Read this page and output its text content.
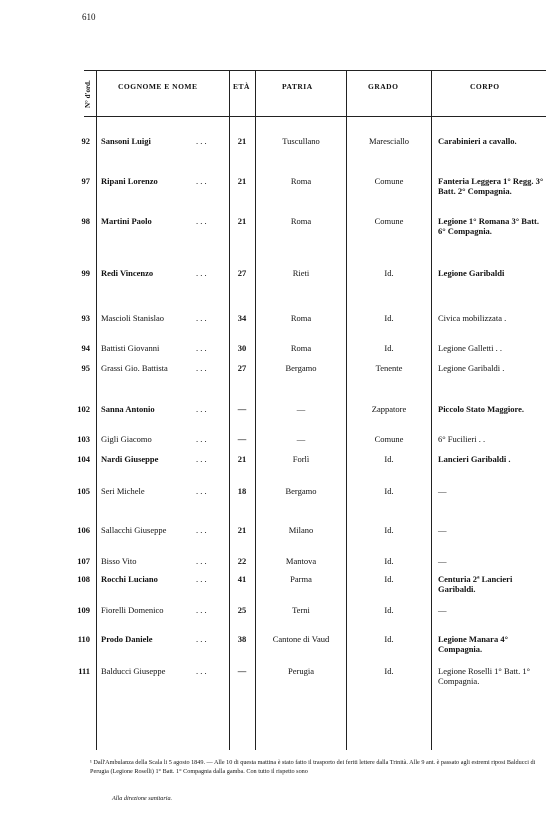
610
N° d'ord.	COGNOME E NOME	ETÀ	PATRIA	GRADO	CORPO
92 Sansoni Luigi	. . .	21	Tuscullano	Maresciallo	Carabinieri a cavallo.
97 Ripani Lorenzo	. . .	21	Roma	Comune	Fanteria Leggera 1° Regg. 3° Batt. 2° Compagnia.
98 Martini Paolo	. . .	21	Roma	Comune	Legione 1° Romana 3° Batt. 6° Compagnia.
99 Redi Vincenzo	. . .	27	Rieti	Id.	Legione Garibaldi
93 Mascioli Stanislao	. . .	34	Roma	Id.	Civica mobilizzata .
94 Battisti Giovanni	. . .	30	Roma	Id.	Legione Galletti . .
95 Grassi Gio. Battista	. . .	27	Bergamo	Tenente	Legione Garibaldi .
102 Sanna Antonio	. . .	—	—	Zappatore	Piccolo Stato Maggiore.
103 Gigli Giacomo	. . .	—	—	Comune	6° Fucilieri . .
104 Nardi Giuseppe	. . .	21	Forlì	Id.	Lancieri Garibaldi .
105 Seri Michele	. . .	18	Bergamo	Id.	—
106 Sallacchi Giuseppe	. . .	21	Milano	Id.	—
107 Bisso Vito	. . .	22	Mantova	Id.	—
108 Rocchi Luciano	. . .	41	Parma	Id.	Centuria 2ª Lancieri Garibaldi.
109 Fiorelli Domenico	. . .	25	Terni	Id.	—
110 Prodo Daniele	. . .	38	Cantone di Vaud	Id.	Legione Manara 4° Compagnia.
111 Balducci Giuseppe	. . .	—	Perugia	Id.	Legione Roselli 1° Batt. 1° Compagnia.

¹ Dall'Ambulanza della Scala li 5 agosto 1849. — Alle 10 di questa mattina è stato fatto il trasporto dei feriti lettere dalla Trinità. Alle 9 ant. è passato agli estremi riposi Balducci di Perugia (Legione Roselli) 1° Batt. 1° Compagnia dalla gamba. Con tutto il rispetto sono

Alla direzione sanitaria.
